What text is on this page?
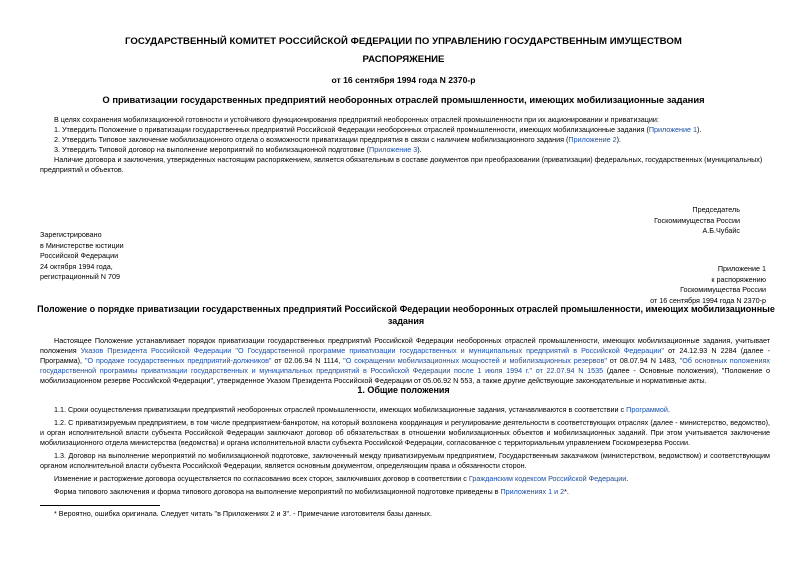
ГОСУДАРСТВЕННЫЙ КОМИТЕТ РОССИЙСКОЙ ФЕДЕРАЦИИ ПО УПРАВЛЕНИЮ ГОСУДАРСТВЕННЫМ ИМУЩЕСТВОМ
РАСПОРЯЖЕНИЕ
от 16 сентября 1994 года N 2370-р
О приватизации государственных предприятий необоронных отраслей промышленности, имеющих мобилизационные задания

В целях сохранения мобилизационной готовности и устойчивого функционирования предприятий необоронных отраслей промышленности при их акционировании и приватизации:

1. Утвердить Положение о приватизации государственных предприятий Российской Федерации необоронных отраслей промышленности, имеющих мобилизационные задания (Приложение 1).

2. Утвердить Типовое заключение мобилизационного отдела о возможности приватизации предприятия в связи с наличием мобилизационного задания (Приложение 2).

3. Утвердить Типовой договор на выполнение мероприятий по мобилизационной подготовке (Приложение 3).

Наличие договора и заключения, утвержденных настоящим распоряжением, является обязательным в составе документов при преобразовании (приватизации) федеральных, государственных (муниципальных) предприятий и объектов.

Председатель
Госкомимущества России
А.Б.Чубайс
Зарегистрировано
в Министерстве юстиции
Российской Федерации
24 октября 1994 года,
регистрационный N 709
Приложение 1
к распоряжению
Госкомимущества России
от 16 сентября 1994 года N 2370-р
Положение о порядке приватизации государственных предприятий Российской Федерации необоронных отраслей промышленности, имеющих мобилизационные задания

Настоящее Положение устанавливает порядок приватизации государственных предприятий Российской Федерации необоронных отраслей промышленности, имеющих мобилизационные задания, учитывает положения Указов Президента Российской Федерации "О Государственной программе приватизации государственных и муниципальных предприятий в Российской Федерации" от 24.12.93 N 2284 (далее - Программа), "О продаже государственных предприятий-должников" от 02.06.94 N 1114, "О сокращении мобилизационных мощностей и мобилизационных резервов" от 08.07.94 N 1483, "Об основных положениях государственной программы приватизации государственных и муниципальных предприятий в Российской Федерации после 1 июля 1994 г." от 22.07.94 N 1535 (далее - Основные положения), "Положение о мобилизационном резерве Российской Федерации", утвержденное Указом Президента Российской Федерации от 05.06.92 N 553, а также другие действующие законодательные и нормативные акты.

1. Общие положения

1.1. Сроки осуществления приватизации предприятий необоронных отраслей промышленности, имеющих мобилизационные задания, устанавливаются в соответствии с Программой.

1.2. С приватизируемым предприятием, в том числе предприятием-банкротом, на который возложена координация и регулирование деятельности в соответствующих отраслях (далее - министерство, ведомство), и орган исполнительной власти субъекта Российской Федерации заключают договор об обязательствах в отношении мобилизационных объектов и мобилизационных заданий. При этом учитывается заключение мобилизационного отдела министерства (ведомства) и органа исполнительной власти субъекта Российской Федерации, согласованное с территориальным управлением Госкомрезерва России.

1.3. Договор на выполнение мероприятий по мобилизационной подготовке, заключенный между приватизируемым предприятием, Государственным заказчиком (министерством, ведомством) и соответствующим органом исполнительной власти субъекта Российской Федерации, является основным документом, определяющим права и обязанности сторон.

Изменение и расторжение договора осуществляется по согласованию всех сторон, заключивших договор в соответствии с Гражданским кодексом Российской Федерации.

Форма типового заключения и форма типового договора на выполнение мероприятий по мобилизационной подготовке приведены в Приложениях 1 и 2*.

* Вероятно, ошибка оригинала. Следует читать "в Приложениях 2 и 3". - Примечание изготовителя базы данных.
